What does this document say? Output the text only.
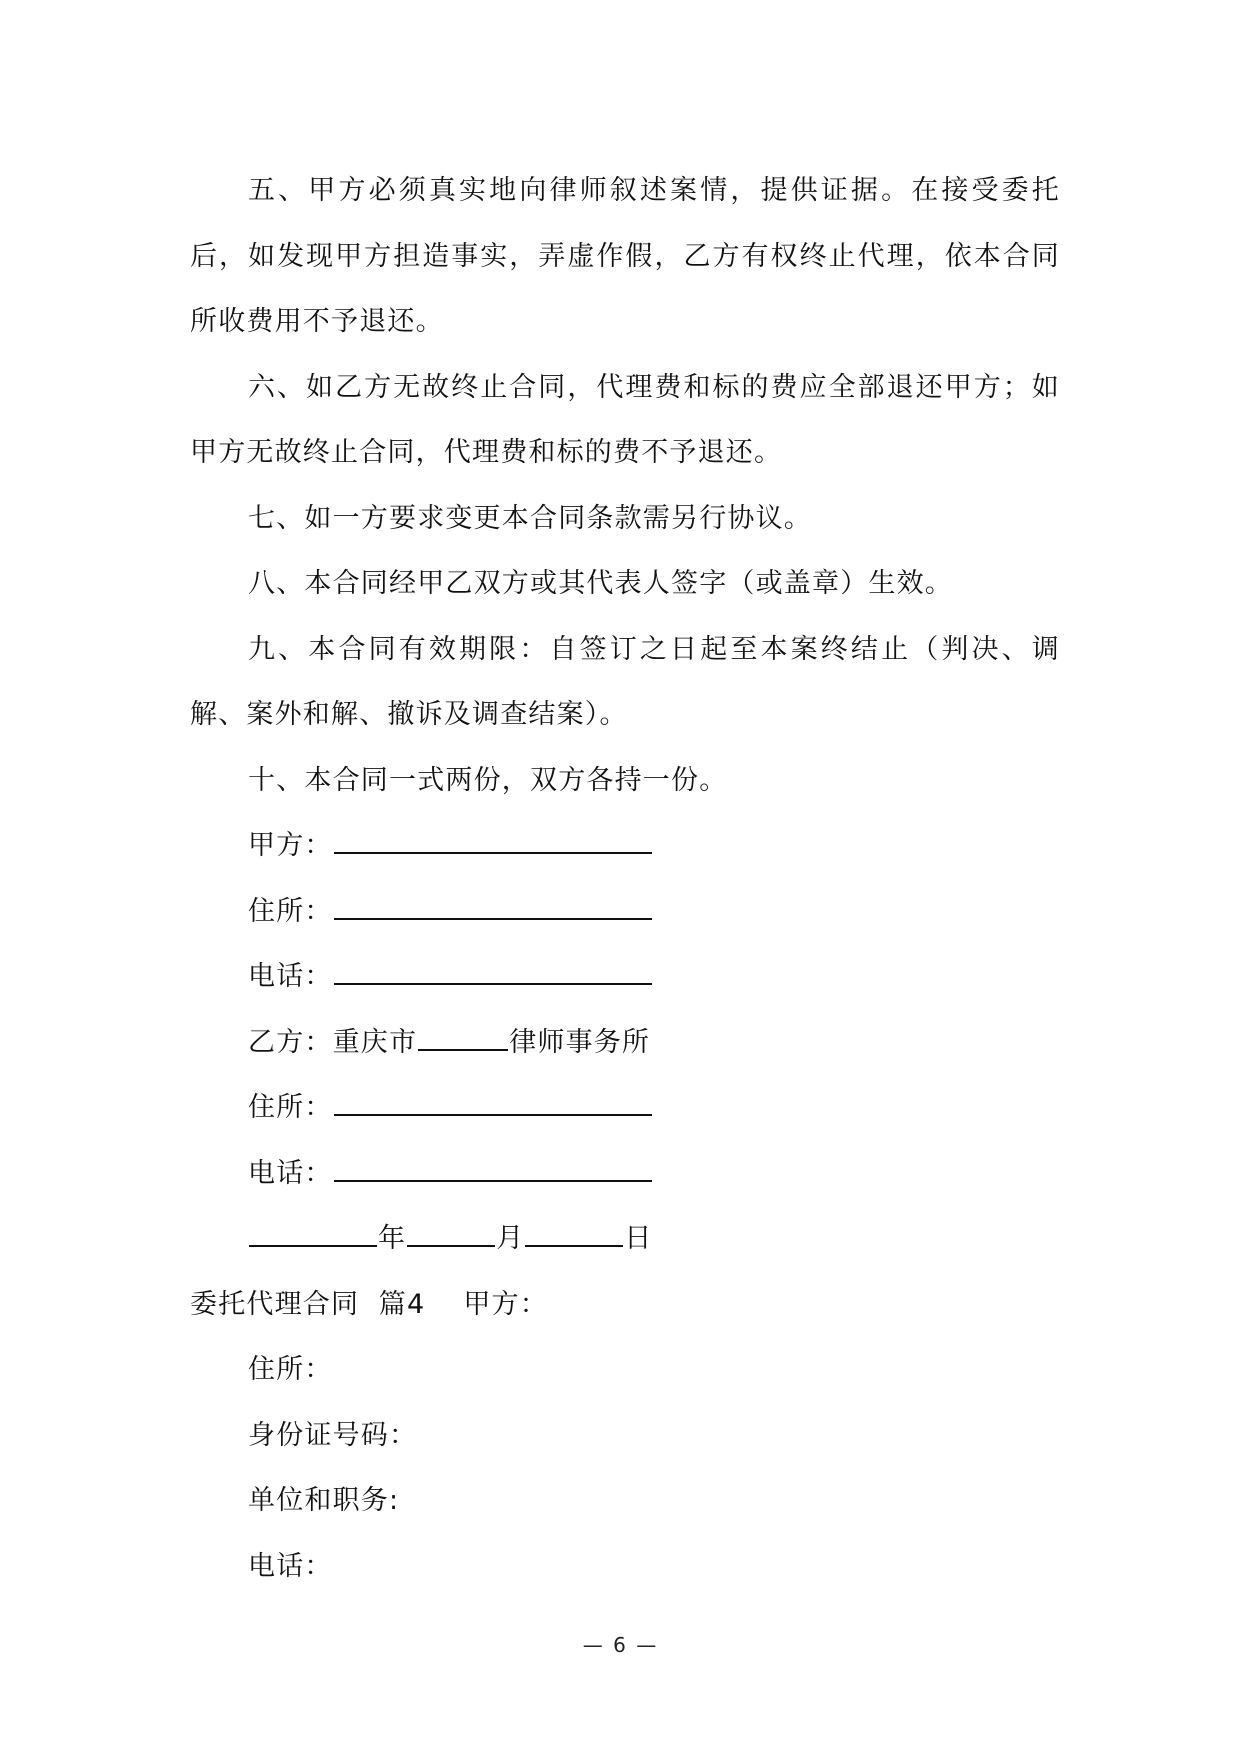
五、甲方必须真实地向律师叙述案情，提供证据。在接受委托后，如发现甲方担造事实，弄虚作假，乙方有权终止代理，依本合同所收费用不予退还。

六、如乙方无故终止合同，代理费和标的费应全部退还甲方；如甲方无故终止合同，代理费和标的费不予退还。

七、如一方要求变更本合同条款需另行协议。

八、本合同经甲乙双方或其代表人签字（或盖章）生效。

九、本合同有效期限：自签订之日起至本案终结止（判决、调解、案外和解、撤诉及调查结案）。

十、本合同一式两份，双方各持一份。

甲方：

住所：

电话：

乙方：重庆市	律师事务所

住所：

电话：

年	月	日

委托代理合同  篇4 甲方：

住所：

身份证号码：

单位和职务:

电话：

— 6 —
